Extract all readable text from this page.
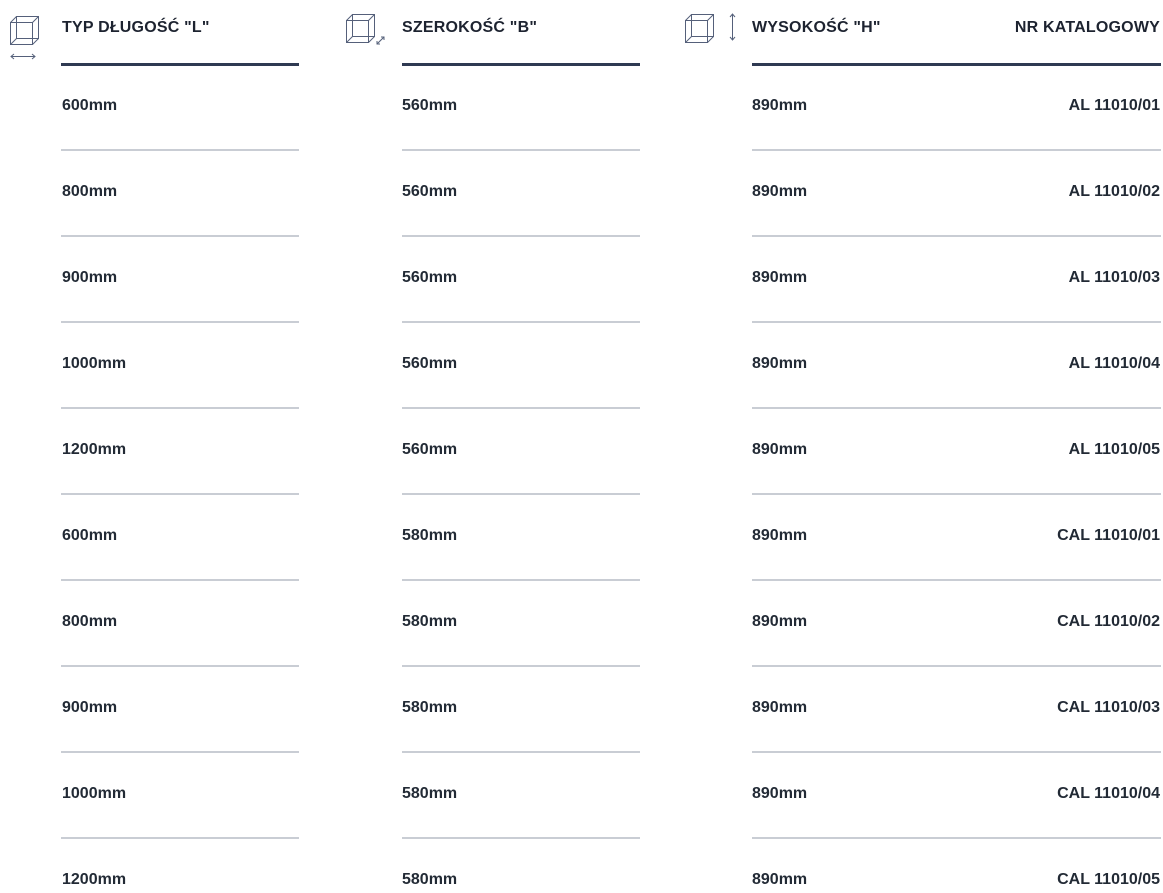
TYP DŁUGOŚĆ "L"	SZEROKOŚĆ "B"	WYSOKOŚĆ "H"	NR KATALOGOWY
600mm	560mm	890mm	AL 11010/01
800mm	560mm	890mm	AL 11010/02
900mm	560mm	890mm	AL 11010/03
1000mm	560mm	890mm	AL 11010/04
1200mm	560mm	890mm	AL 11010/05
600mm	580mm	890mm	CAL 11010/01
800mm	580mm	890mm	CAL 11010/02
900mm	580mm	890mm	CAL 11010/03
1000mm	580mm	890mm	CAL 11010/04
1200mm	580mm	890mm	CAL 11010/05
